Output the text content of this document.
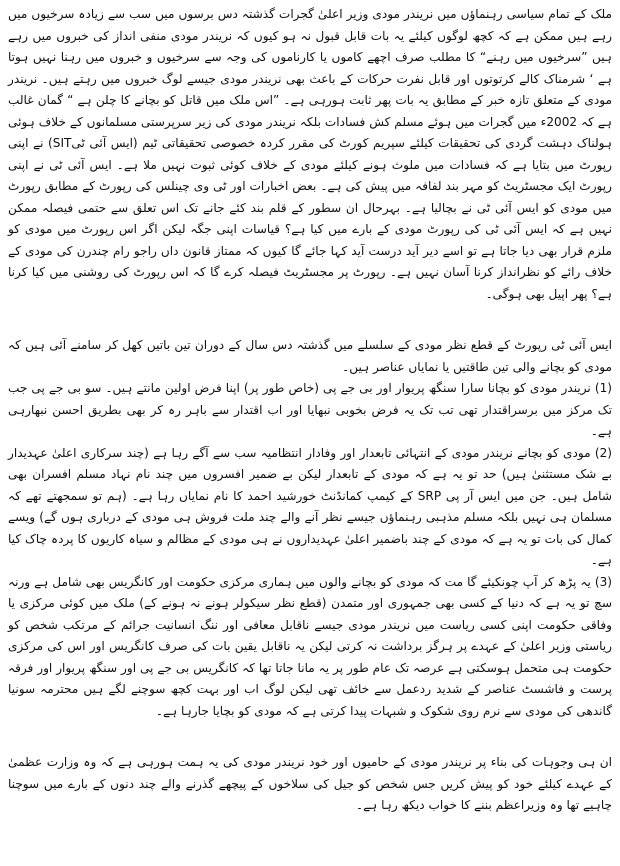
ملک کے تمام سیاسی رہنماؤں میں نریندر مودی وزیر اعلیٰ گجرات گذشتہ دس برسوں میں سب سے زیادہ سرخیوں میں رہے ہیں ممکن ہے کہ کچھ لوگوں کیلئے یہ بات قابل قبول نہ ہو کیوں کہ نریندر مودی منفی انداز کی خبروں میں رہے ہیں ”سرخیوں میں رہنے“ کا مطلب صرف اچھے کاموں یا کارناموں کی وجہ سے سرخیوں و خبروں میں رہنا نہیں ہوتا ہے ‘ شرمناک کالے کرتوتوں اور قابل نفرت حرکات کے باعث بھی نریندر مودی جیسے لوگ خبروں میں رہتے ہیں۔ نریندر مودی کے متعلق تازہ خبر کے مطابق یہ بات پھر ثابت ہورہی ہے۔ ”اس ملک میں قاتل کو بچانے کا چلن ہے “ گمان غالب ہے کہ 2002ء میں گجرات میں ہوئے مسلم کش فسادات بلکہ نریندر مودی کی زیر سرپرستی مسلمانوں کے خلاف ہوئی ہولناک دہشت گردی کی تحقیقات کیلئے سپریم کورٹ کی مقرر کردہ خصوصی تحقیقاتی ٹیم (ایس آئی ٹیSIT) نے اپنی رپورٹ میں بتایا ہے کہ فسادات میں ملوث ہونے کیلئے مودی کے خلاف کوئی ثبوت نہیں ملا ہے۔ ایس آئی ٹی نے اپنی رپورٹ ایک مجسٹریٹ کو مہر بند لفافہ میں پیش کی ہے۔ بعض اخبارات اور ٹی وی چینلس کی رپورٹ کے مطابق رپورٹ میں مودی کو ایس آئی ٹی نے بچالیا ہے۔ بہرحال ان سطور کے قلم بند کئے جانے تک اس تعلق سے حتمی فیصلہ ممکن نہیں ہے کہ ایس آئی ٹی کی رپورٹ مودی کے بارے میں کیا ہے؟ قیاسات اپنی جگہ لیکن اگر اس رپورٹ میں مودی کو ملزم قرار بھی دیا جاتا ہے تو اسے دیر آید درست آید کہا جائے گا کیوں کہ ممتاز قانون داں راجو رام چندرن کی مودی کے خلاف رائے کو نظرانداز کرنا آسان نہیں ہے۔ رپورٹ پر مجسٹریٹ فیصلہ کرے گا کہ اس رپورٹ کی روشنی میں کیا کرنا ہے؟ پھر اپیل بھی ہوگی۔

ایس آئی ٹی رپورٹ کے قطع نظر مودی کے سلسلے میں گذشتہ دس سال کے دوران تین باتیں کھل کر سامنے آئی ہیں کہ مودی کو بچانے والی تین طاقتیں یا نمایاں عناصر ہیں۔

(1) نریندر مودی کو بچانا سارا سنگھ پریوار اور بی جے پی (خاص طور پر) اپنا فرض اولین مانتے ہیں۔ سو بی جے پی جب تک مرکز میں برسراقتدار تھی تب تک یہ فرض بخوبی نبھایا اور اب اقتدار سے باہر رہ کر بھی بطریق احسن نبھارہی ہے۔

(2) مودی کو بچانے نریندر مودی کے انتہائی تابعدار اور وفادار انتظامیہ سب سے آگے رہا ہے (چند سرکاری اعلیٰ عہدیدار بے شک مستثنیٰ ہیں) حد تو یہ ہے کہ مودی کے تابعدار لیکن بے ضمیر افسروں میں چند نام نہاد مسلم افسران بھی شامل ہیں۔ جن میں ایس آر پی SRP کے کیمپ کمانڈنٹ خورشید احمد کا نام نمایاں رہا ہے۔ (ہم تو سمجھتے تھے کہ مسلمان ہی نہیں بلکہ مسلم مذہبی رہنماؤں جیسے نظر آنے والے چند ملت فروش ہی مودی کے درباری ہوں گے) ویسے کمال کی بات تو یہ ہے کہ مودی کے چند باضمیر اعلیٰ عہدیداروں نے ہی مودی کے مظالم و سیاہ کاریوں کا پردہ چاک کیا ہے۔

(3) یہ پڑھ کر آپ چونکیئے گا مت کہ مودی کو بچانے والوں میں ہماری مرکزی حکومت اور کانگریس بھی شامل ہے ورنہ سچ تو یہ ہے کہ دنیا کے کسی بھی جمہوری اور متمدن (قطع نظر سیکولر ہونے نہ ہونے کے) ملک میں کوئی مرکزی یا وفاقی حکومت اپنی کسی ریاست میں نریندر مودی جیسے ناقابل معافی اور ننگ انسانیت جرائم کے مرتکب شخص کو ریاستی وزیر اعلیٰ کے عہدے پر ہرگز برداشت نہ کرتی لیکن یہ ناقابل یقین بات کی صرف کانگریس اور اس کی مرکزی حکومت ہی متحمل ہوسکتی ہے عرصہ تک عام طور پر یہ مانا جاتا تھا کہ کانگریس بی جے پی اور سنگھ پریوار اور فرقہ پرست و فاشسٹ عناصر کے شدید ردعمل سے خائف تھی لیکن لوگ اب اور بہت کچھ سوچنے لگے ہیں محترمہ سونیا گاندھی کی مودی سے نرم روی شکوک و شبہات پیدا کرتی ہے کہ مودی کو بچایا جارہا ہے۔

ان ہی وجوہات کی بناء پر نریندر مودی کے حامیوں اور خود نریندر مودی کی یہ ہمت ہورہی ہے کہ وہ وزارت عظمیٰ کے عہدے کیلئے خود کو پیش کریں جس شخص کو جیل کی سلاخوں کے پیچھے گذرنے والے چند دنوں کے بارے میں سوچنا چاہیے تھا وہ وزیراعظم بننے کا خواب دیکھ رہا ہے۔
